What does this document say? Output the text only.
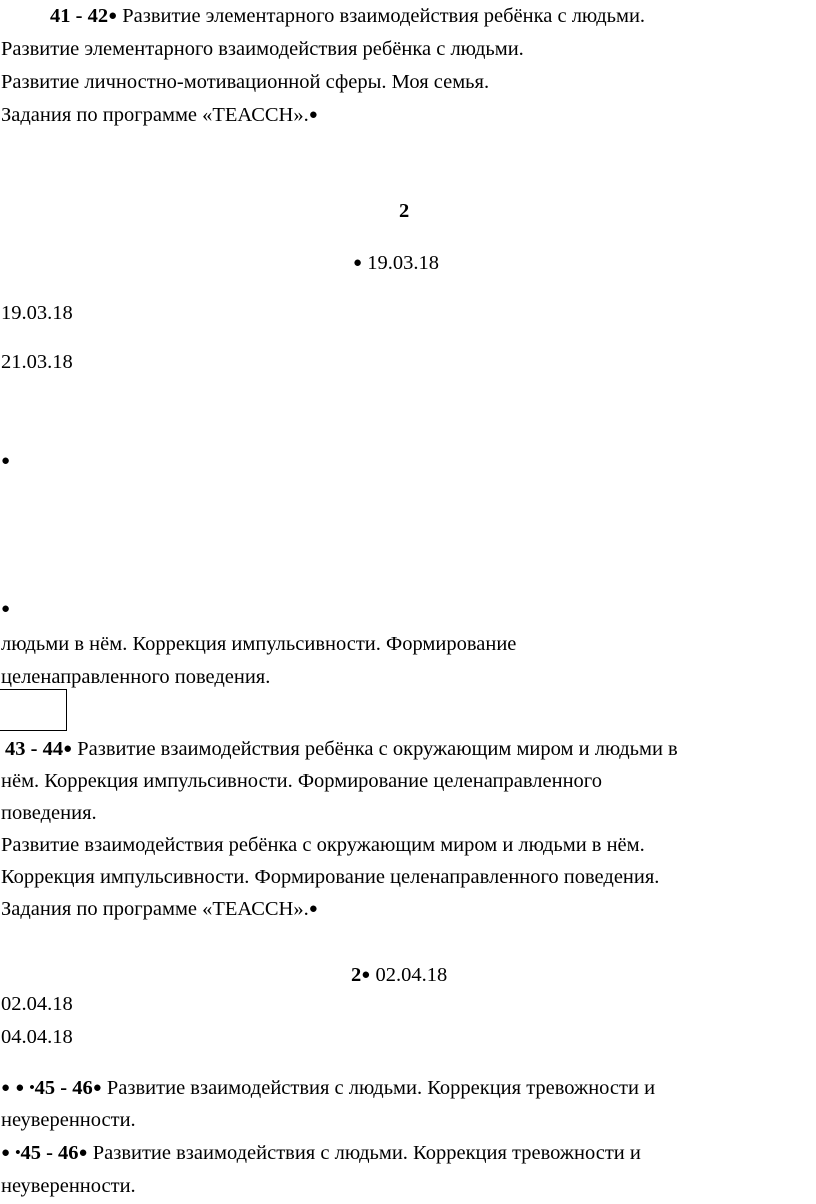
41 - 42● Развитие элементарного взаимодействия ребёнка с людьми.
Развитие элементарного взаимодействия ребёнка с людьми.
Развитие личностно-мотивационной сферы. Моя семья.
Задания по программе «ТЕАССН».●
2
● 19.03.18
19.03.18
21.03.18
●
●
людьми в нём. Коррекция импульсивности. Формирование
целенаправленного поведения.
43 - 44● Развитие взаимодействия ребёнка с окружающим миром и людьми в
нём. Коррекция импульсивности. Формирование целенаправленного
поведения.
Развитие взаимодействия ребёнка с окружающим миром и людьми в нём.
Коррекция импульсивности. Формирование целенаправленного поведения.
Задания по программе «ТЕАССН».●
2● 02.04.18
02.04.18
04.04.18
● ● •45 - 46● Развитие взаимодействия с людьми. Коррекция тревожности и
неуверенности.
● •45 - 46● Развитие взаимодействия с людьми. Коррекция тревожности и
неуверенности.
